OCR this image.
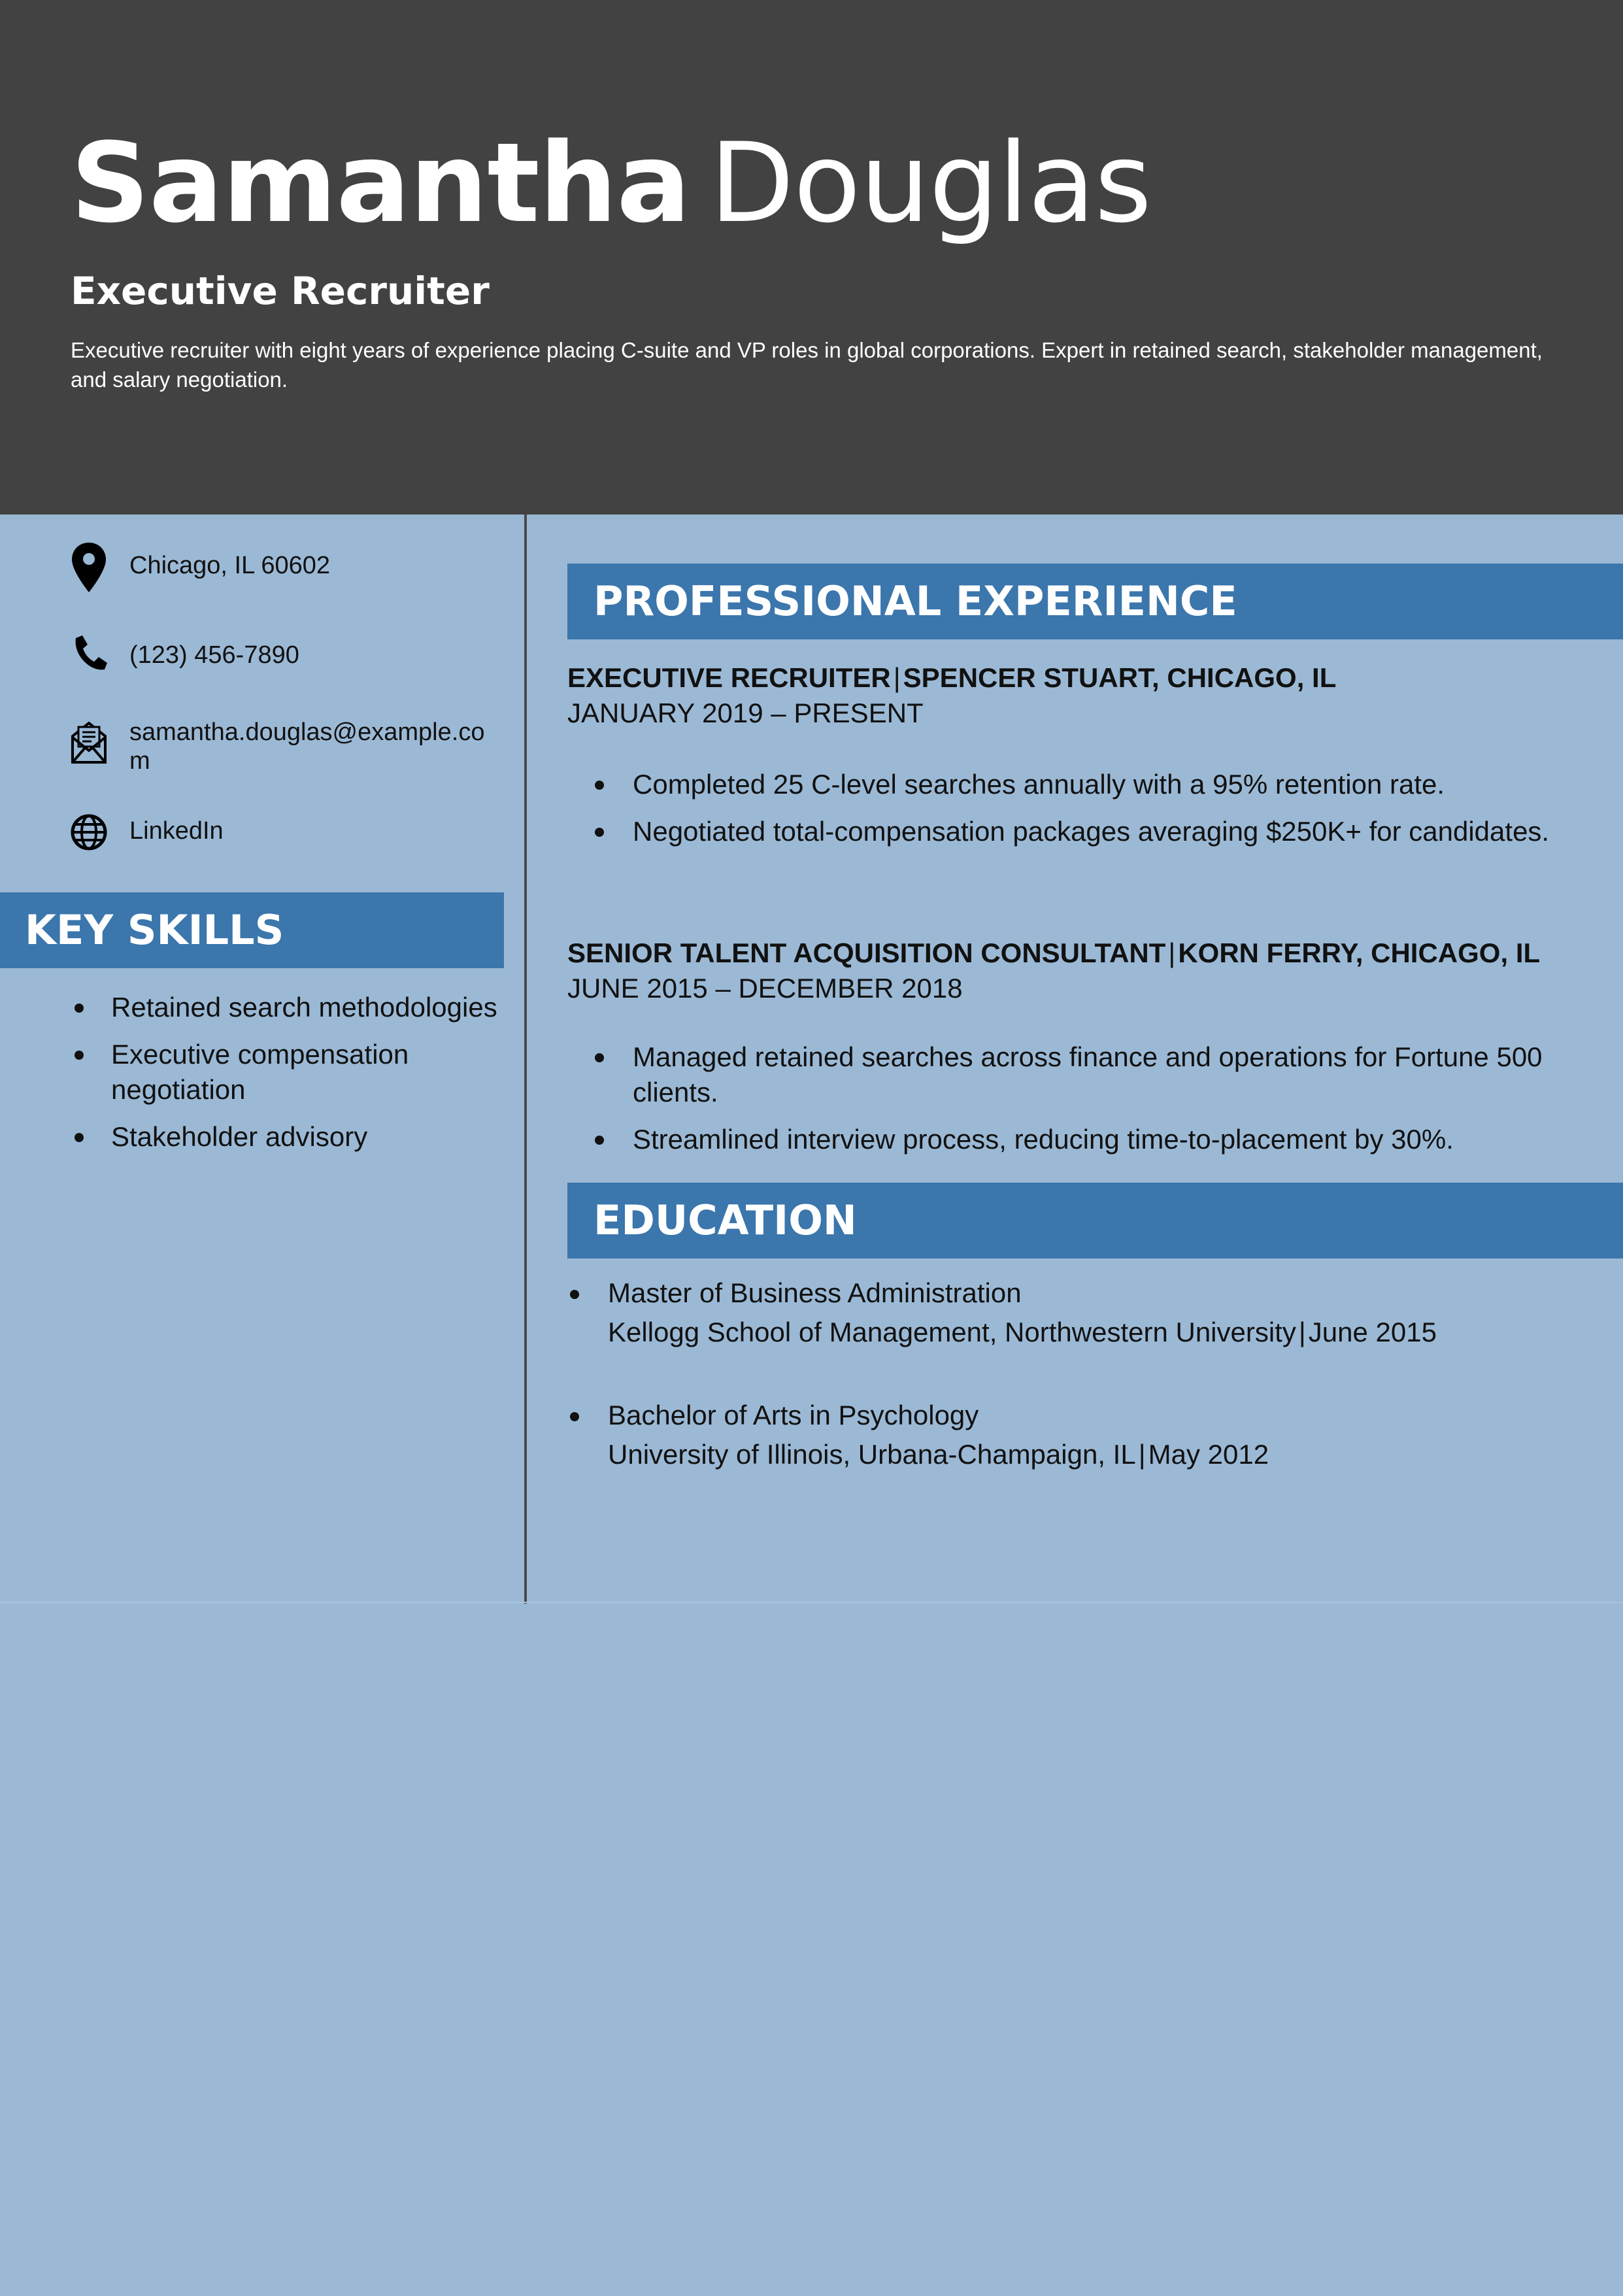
Samantha Douglas
Executive Recruiter
Executive recruiter with eight years of experience placing C-suite and VP roles in global corporations. Expert in retained search, stakeholder management, and salary negotiation.
Chicago, IL 60602
(123) 456-7890
samantha.douglas@example.com
LinkedIn
KEY SKILLS
Retained search methodologies
Executive compensation negotiation
Stakeholder advisory
PROFESSIONAL EXPERIENCE
EXECUTIVE RECRUITER|SPENCER STUART, CHICAGO, IL
JANUARY 2019 – PRESENT
Completed 25 C-level searches annually with a 95% retention rate.
Negotiated total-compensation packages averaging $250K+ for candidates.
SENIOR TALENT ACQUISITION CONSULTANT|KORN FERRY, CHICAGO, IL
JUNE 2015 – DECEMBER 2018
Managed retained searches across finance and operations for Fortune 500 clients.
Streamlined interview process, reducing time-to-placement by 30%.
EDUCATION
Master of Business Administration
Kellogg School of Management, Northwestern University|June 2015
Bachelor of Arts in Psychology
University of Illinois, Urbana-Champaign, IL|May 2012
